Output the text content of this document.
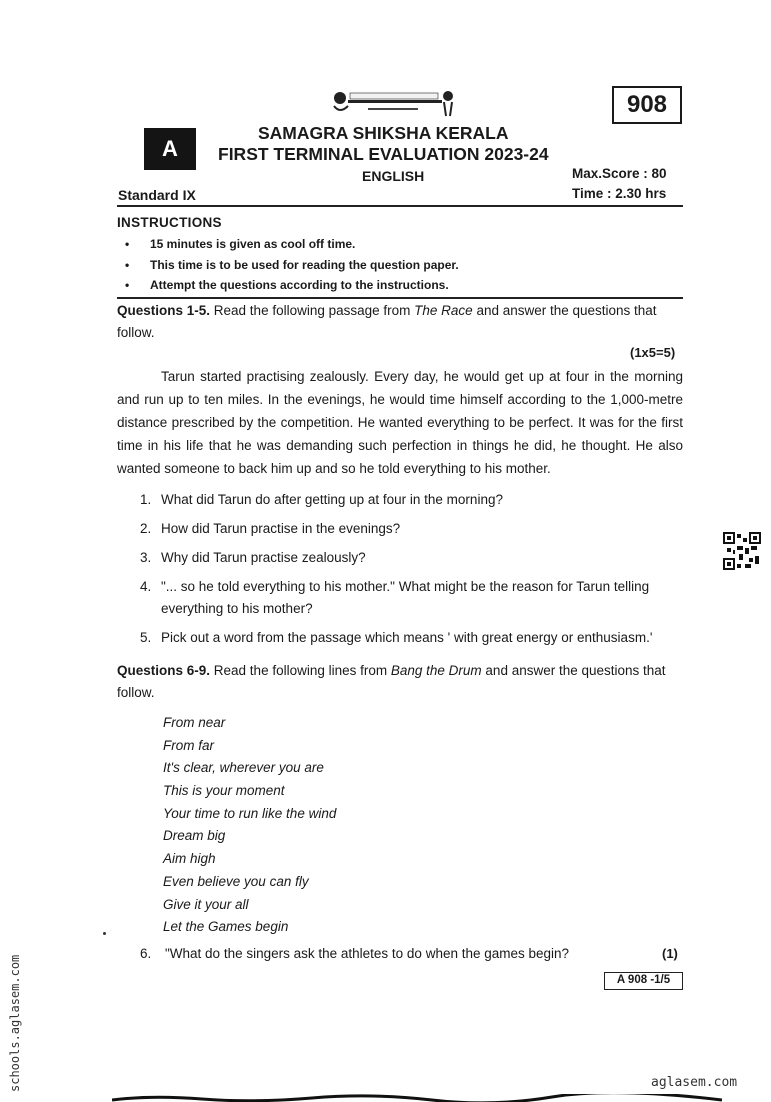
908
A
SAMAGRA SHIKSHA KERALA
FIRST TERMINAL EVALUATION 2023-24
ENGLISH	Max.Score : 80
Standard IX	Time : 2.30 hrs
INSTRUCTIONS
• 15 minutes is given as cool off time.
• This time is to be used for reading the question paper.
• Attempt the questions according to the instructions.
Questions 1-5. Read the following passage from The Race and answer the questions that follow.
(1x5=5)
Tarun started practising zealously. Every day, he would get up at four in the morning and run up to ten miles. In the evenings, he would time himself according to the 1,000-metre distance prescribed by the competition. He wanted everything to be perfect. It was for the first time in his life that he was demanding such perfection in things he did, he thought. He also wanted someone to back him up and so he told everything to his mother.
1. What did Tarun do after getting up at four in the morning?
2. How did Tarun practise in the evenings?
3. Why did Tarun practise zealously?
4. "... so he told everything to his mother." What might be the reason for Tarun telling everything to his mother?
5. Pick out a word from the passage which means ' with great energy or enthusiasm.'
Questions 6-9. Read the following lines from Bang the Drum and answer the questions that follow.
From near
From far
It's clear, wherever you are
This is your moment
Your time to run like the wind
Dream big
Aim high
Even believe you can fly
Give it your all
Let the Games begin
6. "What do the singers ask the athletes to do when the games begin?	(1)
A 908 -1/5
schools.aglasem.com	aglasem.com
